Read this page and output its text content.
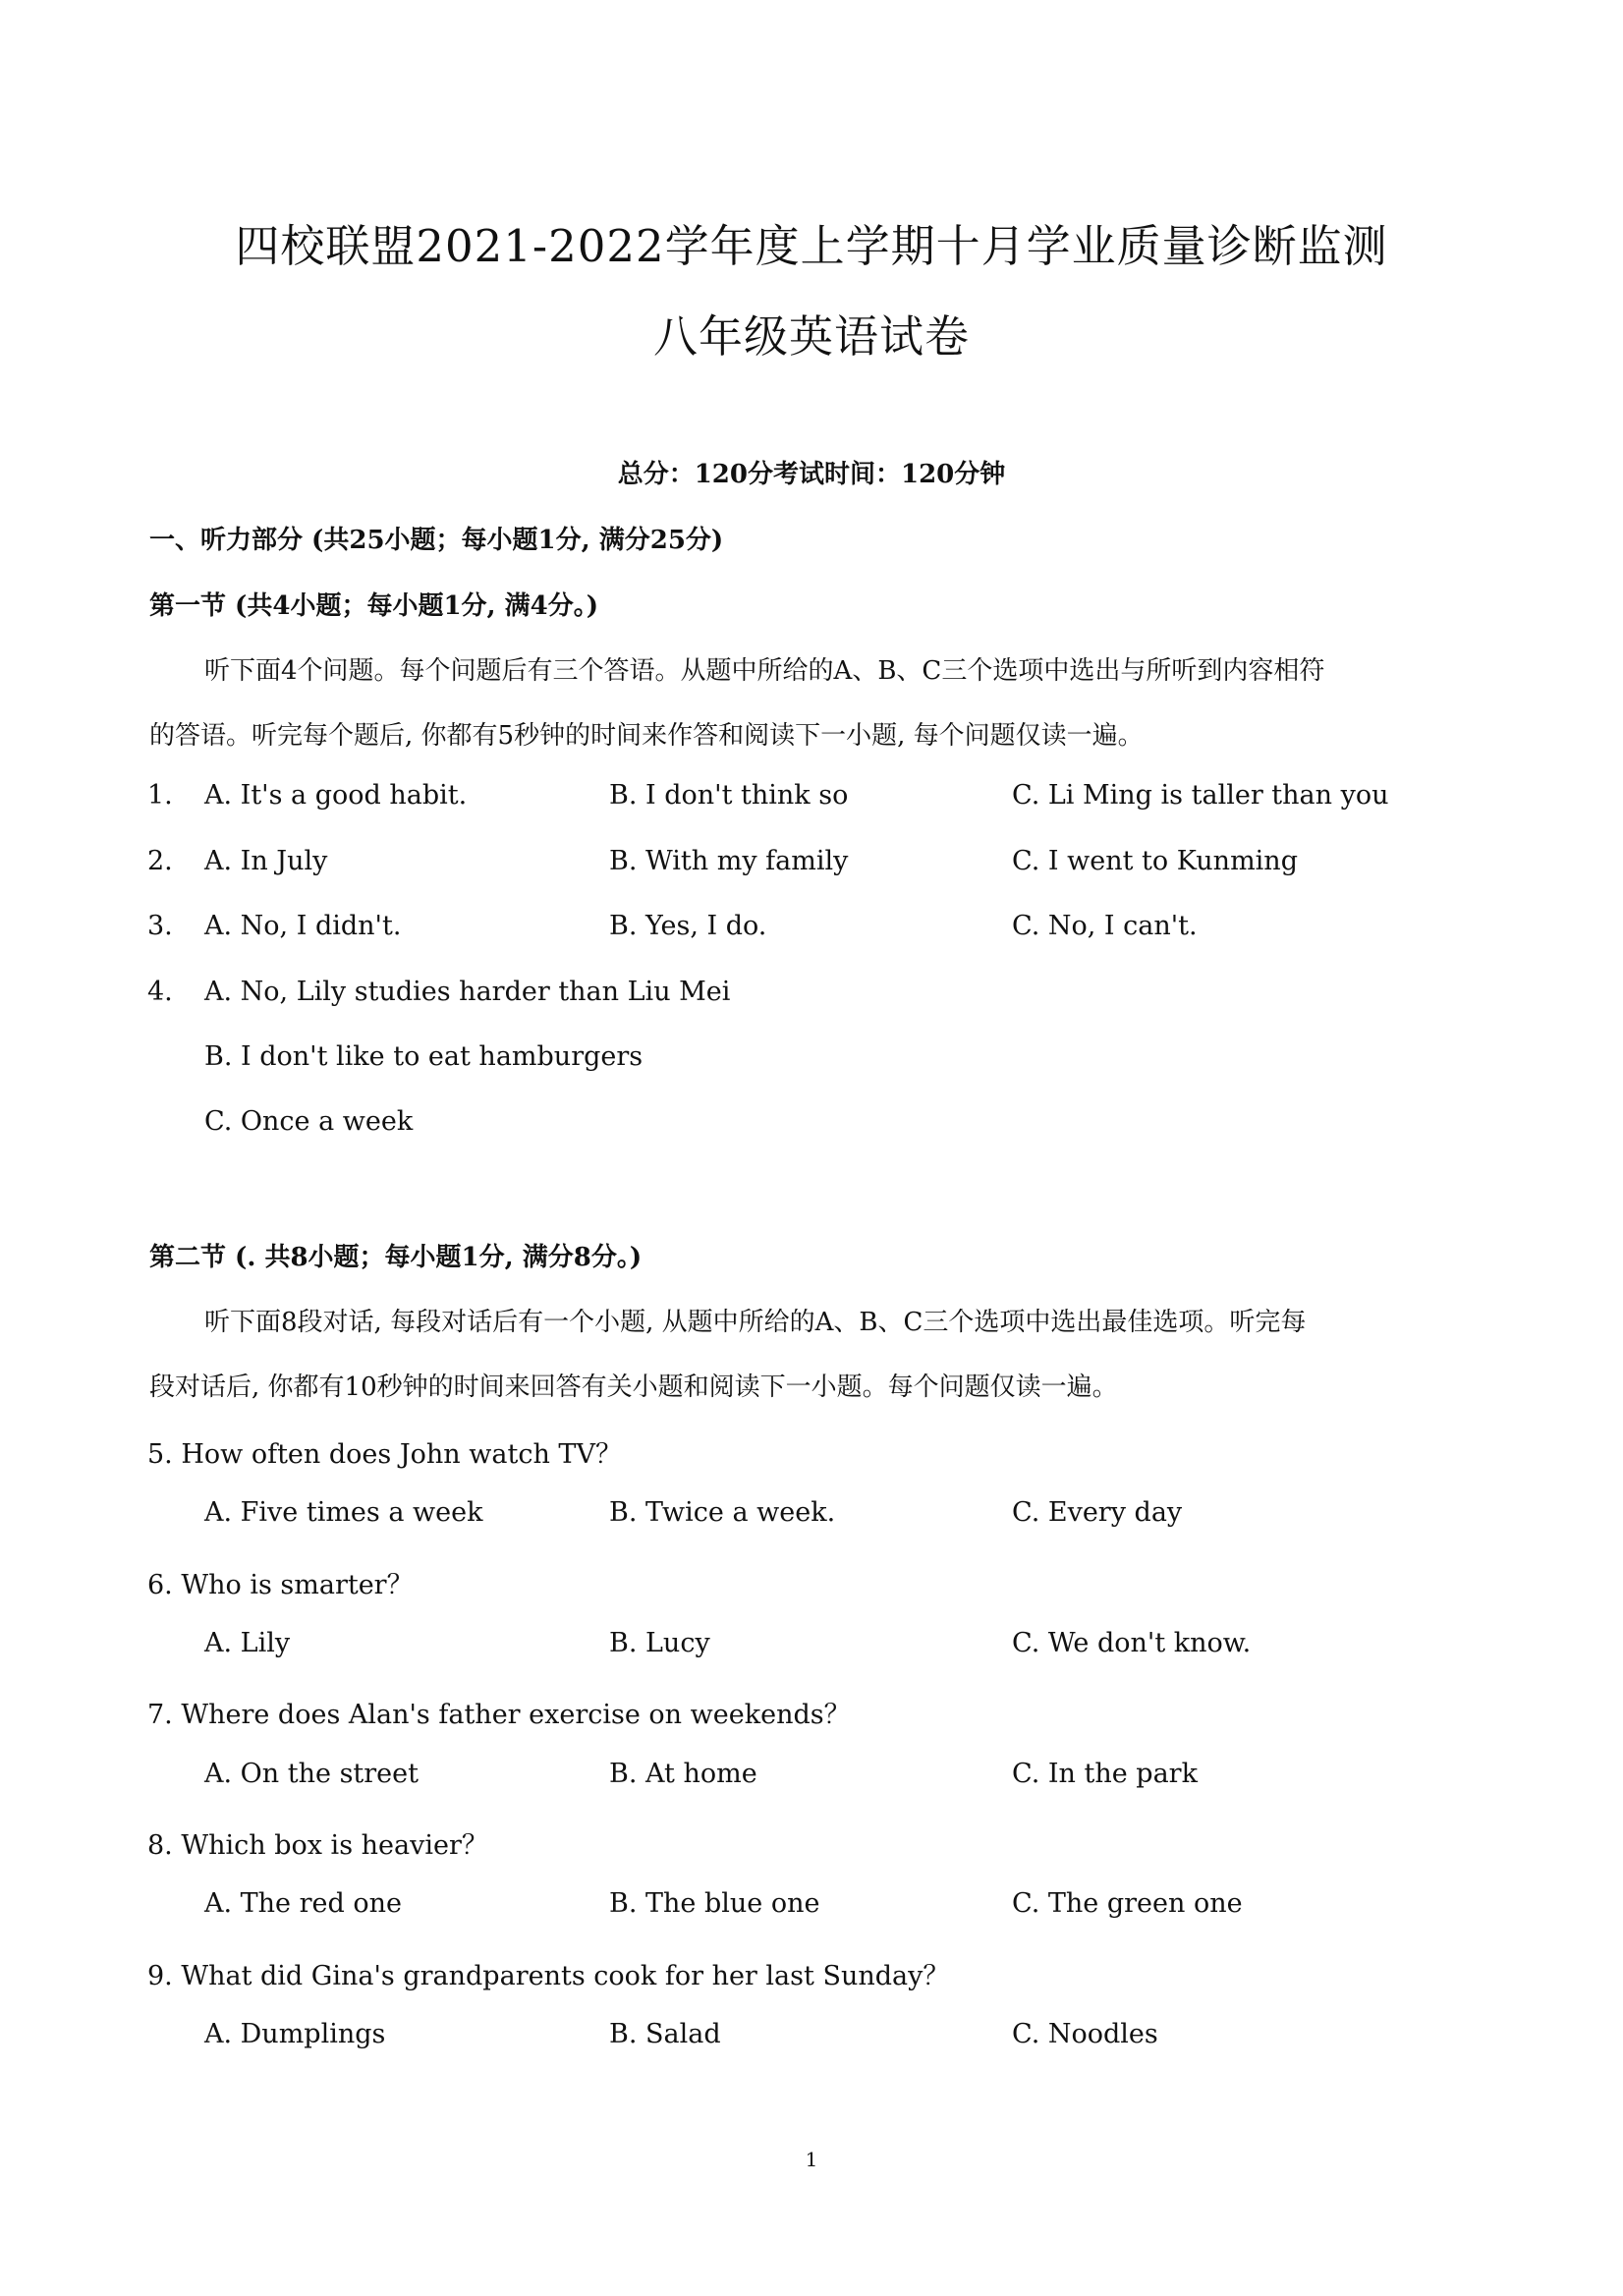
四校联盟2021-2022学年度上学期十月学业质量诊断监测
八年级英语试卷
总分：120分考试时间：120分钟
一、听力部分 (共25小题；每小题1分, 满分25分)
第一节 (共4小题；每小题1分, 满4分。)
听下面4个问题。每个问题后有三个答语。从题中所给的A、B、C三个选项中选出与所听到内容相符
的答语。听完每个题后, 你都有5秒钟的时间来作答和阅读下一小题, 每个问题仅读一遍。
1. A. It's a good habit.	B. I don't think so	C. Li Ming is taller than you
2. A. In July	B. With my family	C. I went to Kunming
3. A. No, I didn't.	B. Yes, I do.	C. No, I can't.
4. A. No, Lily studies harder than Liu Mei
B. I don't like to eat hamburgers
C. Once a week
第二节 (. 共8小题；每小题1分, 满分8分。)
听下面8段对话, 每段对话后有一个小题, 从题中所给的A、B、C三个选项中选出最佳选项。听完每
段对话后, 你都有10秒钟的时间来回答有关小题和阅读下一小题。每个问题仅读一遍。
5. How often does John watch TV？
A. Five times a week	B. Twice a week.	C. Every day
6. Who is smarter？
A. Lily	B. Lucy	C. We don't know.
7. Where does Alan's father exercise on weekends？
A. On the street	B. At home	C. In the park
8. Which box is heavier？
A. The red one	B. The blue one	C. The green one
9. What did Gina's grandparents cook for her last Sunday？
A. Dumplings	B. Salad	C. Noodles
1
